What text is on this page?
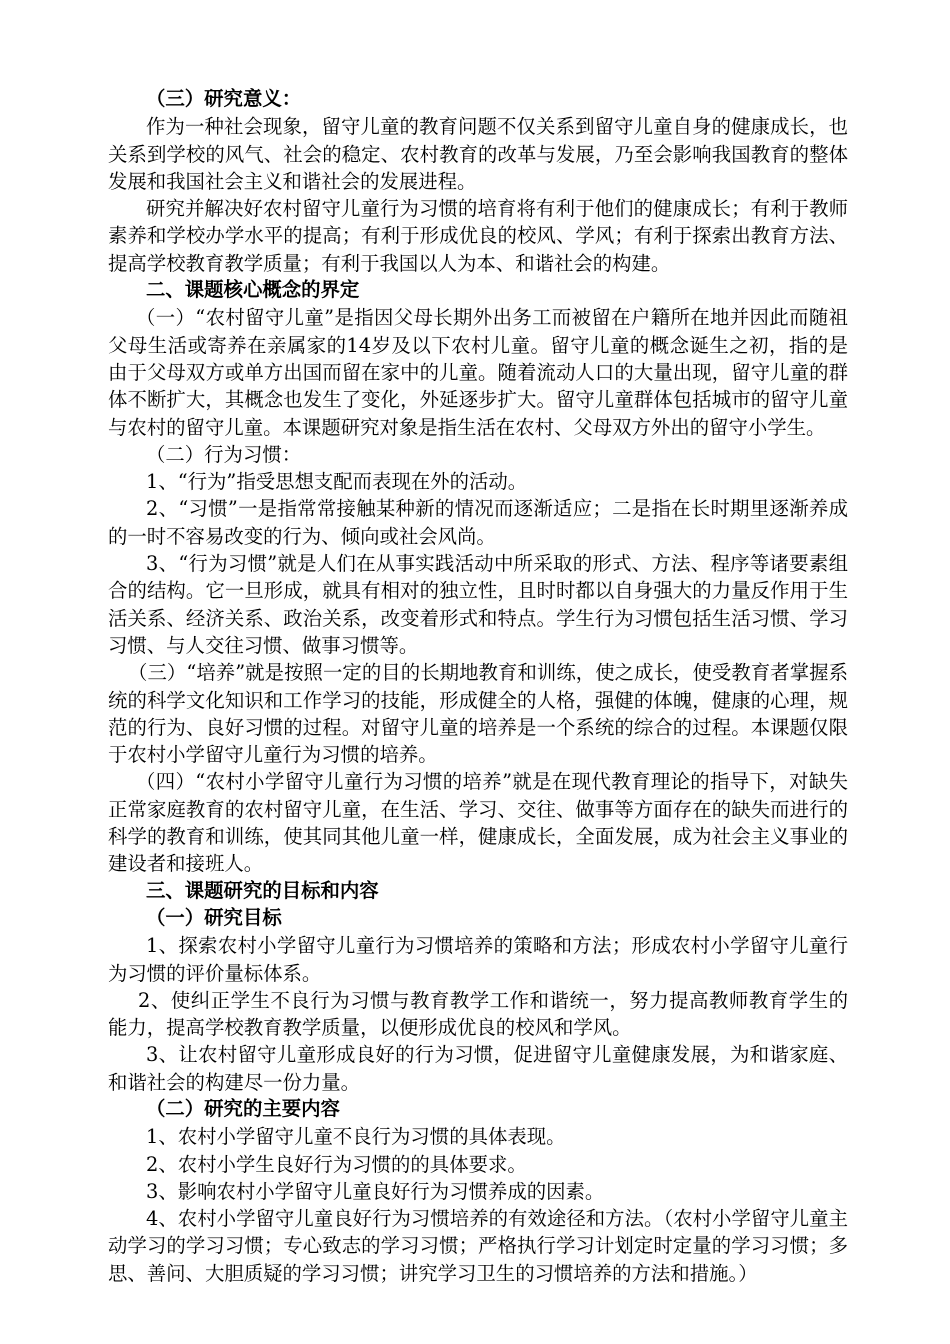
（三）研究意义：

作为一种社会现象，留守儿童的教育问题不仅关系到留守儿童自身的健康成长，也关系到学校的风气、社会的稳定、农村教育的改革与发展，乃至会影响我国教育的整体发展和我国社会主义和谐社会的发展进程。

研究并解决好农村留守儿童行为习惯的培育将有利于他们的健康成长；有利于教师素养和学校办学水平的提高；有利于形成优良的校风、学风；有利于探索出教育方法、提高学校教育教学质量；有利于我国以人为本、和谐社会的构建。

二、课题核心概念的界定

（一）“农村留守儿童”是指因父母长期外出务工而被留在户籍所在地并因此而随祖父母生活或寄养在亲属家的14岁及以下农村儿童。留守儿童的概念诞生之初，指的是由于父母双方或单方出国而留在家中的儿童。随着流动人口的大量出现，留守儿童的群体不断扩大，其概念也发生了变化，外延逐步扩大。留守儿童群体包括城市的留守儿童与农村的留守儿童。本课题研究对象是指生活在农村、父母双方外出的留守小学生。

（二）行为习惯：

1、“行为”指受思想支配而表现在外的活动。

2、“习惯”一是指常常接触某种新的情况而逐渐适应；二是指在长时期里逐渐养成的一时不容易改变的行为、倾向或社会风尚。

3、“行为习惯”就是人们在从事实践活动中所采取的形式、方法、程序等诸要素组合的结构。它一旦形成，就具有相对的独立性，且时时都以自身强大的力量反作用于生活关系、经济关系、政治关系，改变着形式和特点。学生行为习惯包括生活习惯、学习习惯、与人交往习惯、做事习惯等。

（三）“培养”就是按照一定的目的长期地教育和训练，使之成长，使受教育者掌握系统的科学文化知识和工作学习的技能，形成健全的人格，强健的体魄，健康的心理，规范的行为、良好习惯的过程。对留守儿童的培养是一个系统的综合的过程。本课题仅限于农村小学留守儿童行为习惯的培养。

（四）“农村小学留守儿童行为习惯的培养”就是在现代教育理论的指导下，对缺失正常家庭教育的农村留守儿童，在生活、学习、交往、做事等方面存在的缺失而进行的科学的教育和训练，使其同其他儿童一样，健康成长，全面发展，成为社会主义事业的建设者和接班人。

三、课题研究的目标和内容

（一）研究目标

1、探索农村小学留守儿童行为习惯培养的策略和方法；形成农村小学留守儿童行为习惯的评价量标体系。

2、使纠正学生不良行为习惯与教育教学工作和谐统一，努力提高教师教育学生的能力，提高学校教育教学质量，以便形成优良的校风和学风。

3、让农村留守儿童形成良好的行为习惯，促进留守儿童健康发展，为和谐家庭、和谐社会的构建尽一份力量。

（二）研究的主要内容

1、农村小学留守儿童不良行为习惯的具体表现。

2、农村小学生良好行为习惯的的具体要求。

3、影响农村小学留守儿童良好行为习惯养成的因素。

4、农村小学留守儿童良好行为习惯培养的有效途径和方法。（农村小学留守儿童主动学习的学习习惯；专心致志的学习习惯；严格执行学习计划定时定量的学习习惯；多思、善问、大胆质疑的学习习惯；讲究学习卫生的习惯培养的方法和措施。）
